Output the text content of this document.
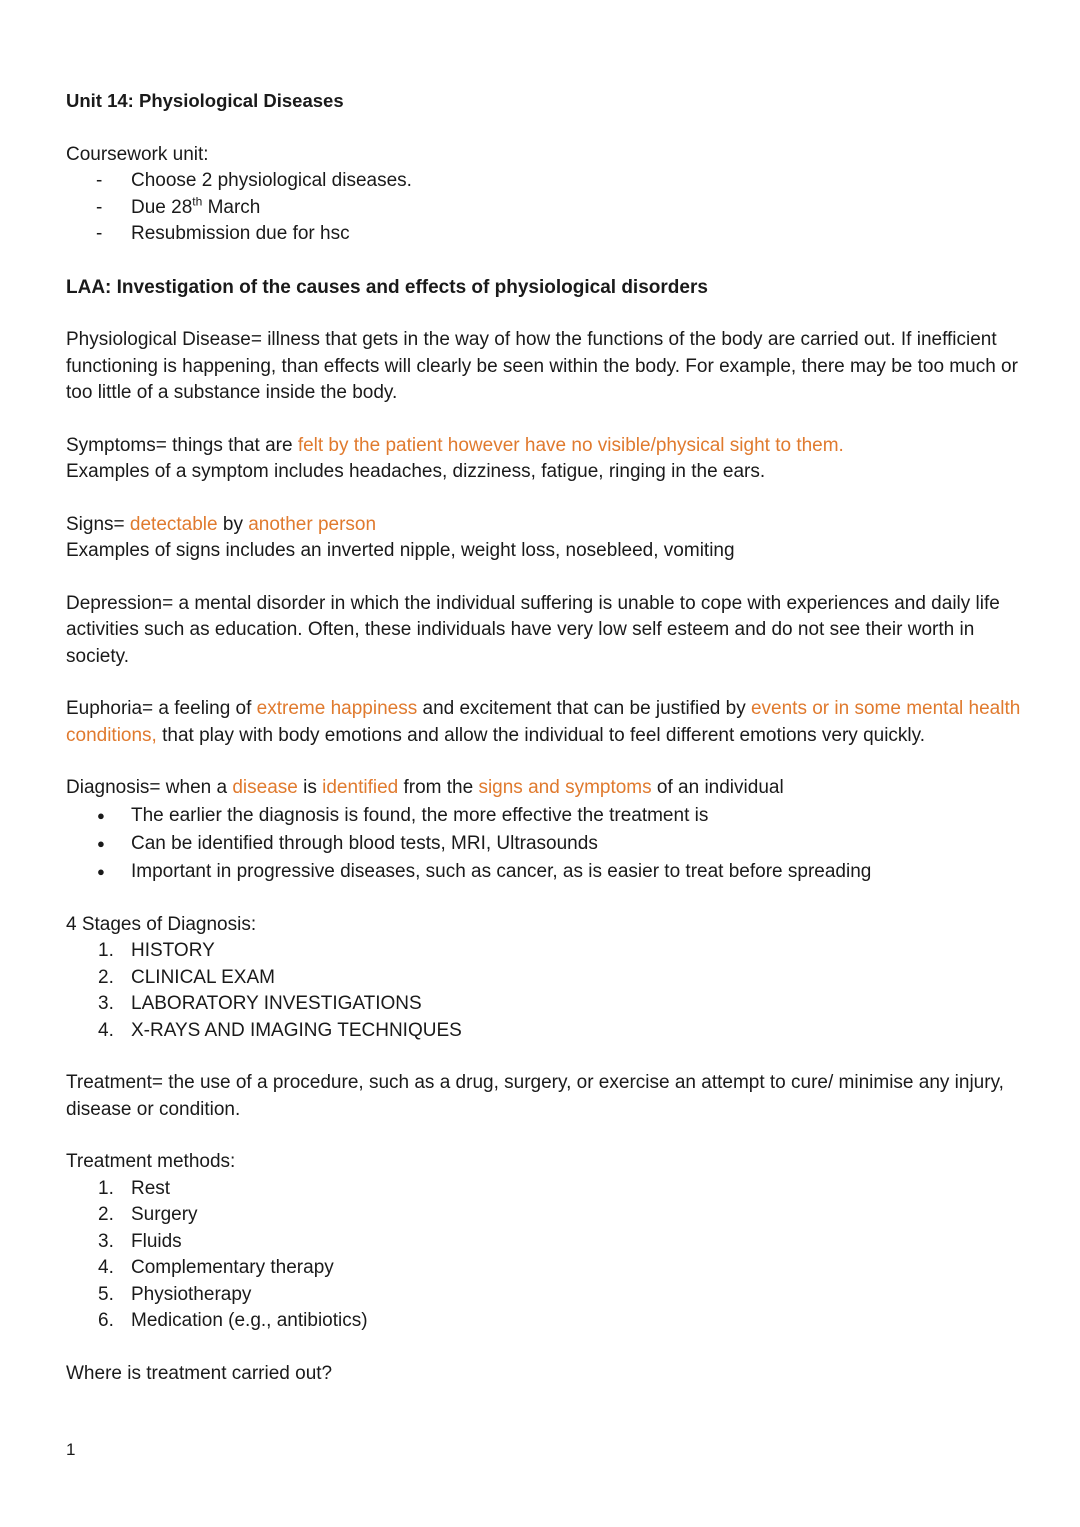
Unit 14: Physiological Diseases

Coursework unit:

- Choose 2 physiological diseases.
- Due 28th March
- Resubmission due for hsc

LAA: Investigation of the causes and effects of physiological disorders

Physiological Disease= illness that gets in the way of how the functions of the body are carried out. If inefficient functioning is happening, than effects will clearly be seen within the body. For example, there may be too much or too little of a substance inside the body.

Symptoms= things that are felt by the patient however have no visible/physical sight to them.

Examples of a symptom includes headaches, dizziness, fatigue, ringing in the ears.

Signs= detectable by another person

Examples of signs includes an inverted nipple, weight loss, nosebleed, vomiting

Depression= a mental disorder in which the individual suffering is unable to cope with experiences and daily life activities such as education. Often, these individuals have very low self esteem and do not see their worth in society.

Euphoria= a feeling of extreme happiness and excitement that can be justified by events or in some mental health conditions, that play with body emotions and allow the individual to feel different emotions very quickly.

Diagnosis= when a disease is identified from the signs and symptoms of an individual

● The earlier the diagnosis is found, the more effective the treatment is
● Can be identified through blood tests, MRI, Ultrasounds
● Important in progressive diseases, such as cancer, as is easier to treat before spreading

4 Stages of Diagnosis:

1. HISTORY
2. CLINICAL EXAM
3. LABORATORY INVESTIGATIONS
4. X-RAYS AND IMAGING TECHNIQUES

Treatment= the use of a procedure, such as a drug, surgery, or exercise an attempt to cure/ minimise any injury, disease or condition.

Treatment methods:

1. Rest
2. Surgery
3. Fluids
4. Complementary therapy
5. Physiotherapy
6. Medication (e.g., antibiotics)

Where is treatment carried out?

1
